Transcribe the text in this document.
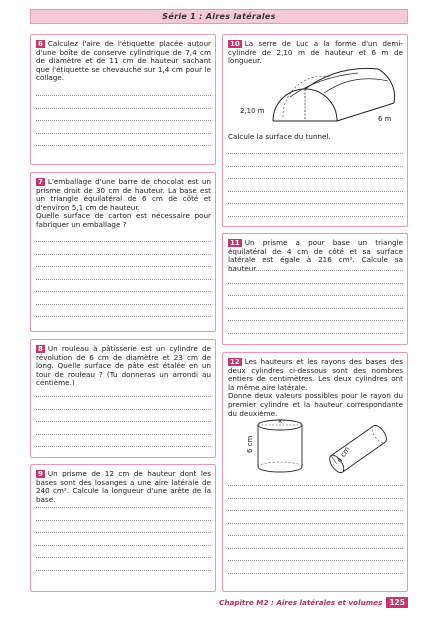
Série 1 : Aires latérales
6 Calculez l'aire de l'étiquette placée autour d'une boîte de conserve cylindrique de 7,4 cm de diamètre et de 11 cm de hauteur sachant que l'étiquette se chevauche sur 1,4 cm pour le collage.
7 L'emballage d'une barre de chocolat est un prisme droit de 30 cm de hauteur. La base est un triangle équilatéral de 6 cm de côté et d'environ 5,1 cm de hauteur.
Quelle surface de carton est nécessaire pour fabriquer un emballage ?
8 Un rouleau à pâtisserie est un cylindre de révolution de 6 cm de diamètre et 23 cm de long. Quelle surface de pâte est étalée en un tour de rouleau ? (Tu donneras un arrondi au centième.)
9 Un prisme de 12 cm de hauteur dont les bases sont des losanges a une aire latérale de 240 cm². Calcule la longueur d'une arête de la base.
10 La serre de Luc a la forme d'un demi-cylindre de 2,10 m de hauteur et 6 m de longueur.
2,10 m
6 m
Calcule la surface du tunnel.
11 Un prisme a pour base un triangle équilatéral de 4 cm de côté et sa surface latérale est égale à 216 cm². Calcule sa hauteur.
12 Les hauteurs et les rayons des bases des deux cylindres ci-dessous sont des nombres entiers de centimètres. Les deux cylindres ont la même aire latérale.
Donne deux valeurs possibles pour le rayon du premier cylindre et la hauteur correspondante du deuxième.
x
6 cm
4 cm
Chapitre M2 : Aires latérales et volumes 125
